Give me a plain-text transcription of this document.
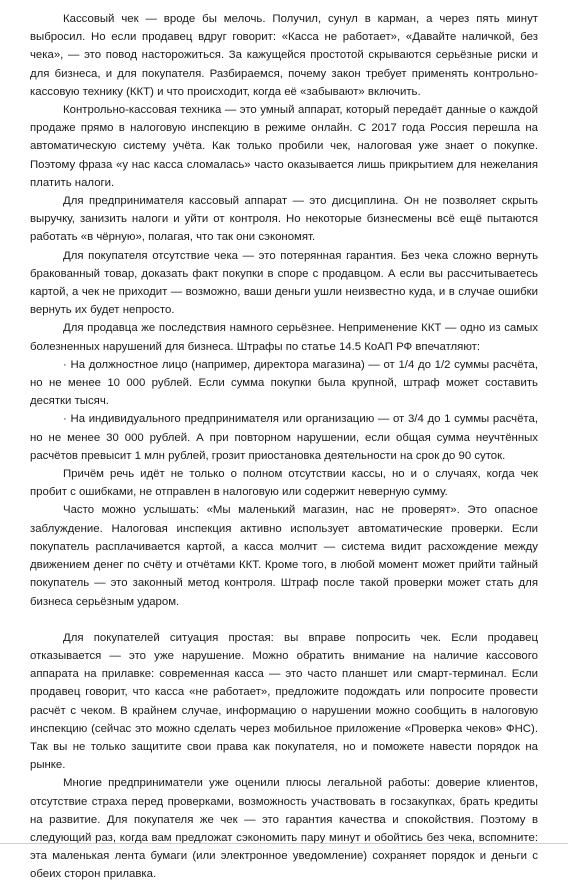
Кассовый чек — вроде бы мелочь. Получил, сунул в карман, а через пять минут выбросил. Но если продавец вдруг говорит: «Касса не работает», «Давайте наличкой, без чека», — это повод насторожиться. За кажущейся простотой скрываются серьёзные риски и для бизнеса, и для покупателя. Разбираемся, почему закон требует применять контрольно-кассовую технику (ККТ) и что происходит, когда её «забывают» включить.

Контрольно-кассовая техника — это умный аппарат, который передаёт данные о каждой продаже прямо в налоговую инспекцию в режиме онлайн. С 2017 года Россия перешла на автоматическую систему учёта. Как только пробили чек, налоговая уже знает о покупке. Поэтому фраза «у нас касса сломалась» часто оказывается лишь прикрытием для нежелания платить налоги.

Для предпринимателя кассовый аппарат — это дисциплина. Он не позволяет скрыть выручку, занизить налоги и уйти от контроля. Но некоторые бизнесмены всё ещё пытаются работать «в чёрную», полагая, что так они сэкономят.

Для покупателя отсутствие чека — это потерянная гарантия. Без чека сложно вернуть бракованный товар, доказать факт покупки в споре с продавцом. А если вы рассчитываетесь картой, а чек не приходит — возможно, ваши деньги ушли неизвестно куда, и в случае ошибки вернуть их будет непросто.

Для продавца же последствия намного серьёзнее. Неприменение ККТ — одно из самых болезненных нарушений для бизнеса. Штрафы по статье 14.5 КоАП РФ впечатляют:

· На должностное лицо (например, директора магазина) — от 1/4 до 1/2 суммы расчёта, но не менее 10 000 рублей. Если сумма покупки была крупной, штраф может составить десятки тысяч.

· На индивидуального предпринимателя или организацию — от 3/4 до 1 суммы расчёта, но не менее 30 000 рублей. А при повторном нарушении, если общая сумма неучтённых расчётов превысит 1 млн рублей, грозит приостановка деятельности на срок до 90 суток.

Причём речь идёт не только о полном отсутствии кассы, но и о случаях, когда чек пробит с ошибками, не отправлен в налоговую или содержит неверную сумму.

Часто можно услышать: «Мы маленький магазин, нас не проверят». Это опасное заблуждение. Налоговая инспекция активно использует автоматические проверки. Если покупатель расплачивается картой, а касса молчит — система видит расхождение между движением денег по счёту и отчётами ККТ. Кроме того, в любой момент может прийти тайный покупатель — это законный метод контроля. Штраф после такой проверки может стать для бизнеса серьёзным ударом.

Для покупателей ситуация простая: вы вправе попросить чек. Если продавец отказывается — это уже нарушение. Можно обратить внимание на наличие кассового аппарата на прилавке: современная касса — это часто планшет или смарт-терминал. Если продавец говорит, что касса «не работает», предложите подождать или попросите провести расчёт с чеком. В крайнем случае, информацию о нарушении можно сообщить в налоговую инспекцию (сейчас это можно сделать через мобильное приложение «Проверка чеков» ФНС). Так вы не только защитите свои права как покупателя, но и поможете навести порядок на рынке.

Многие предприниматели уже оценили плюсы легальной работы: доверие клиентов, отсутствие страха перед проверками, возможность участвовать в госзакупках, брать кредиты на развитие. Для покупателя же чек — это гарантия качества и спокойствия. Поэтому в следующий раз, когда вам предложат сэкономить пару минут и обойтись без чека, вспомните: эта маленькая лента бумаги (или электронное уведомление) сохраняет порядок и деньги с обеих сторон прилавка.
